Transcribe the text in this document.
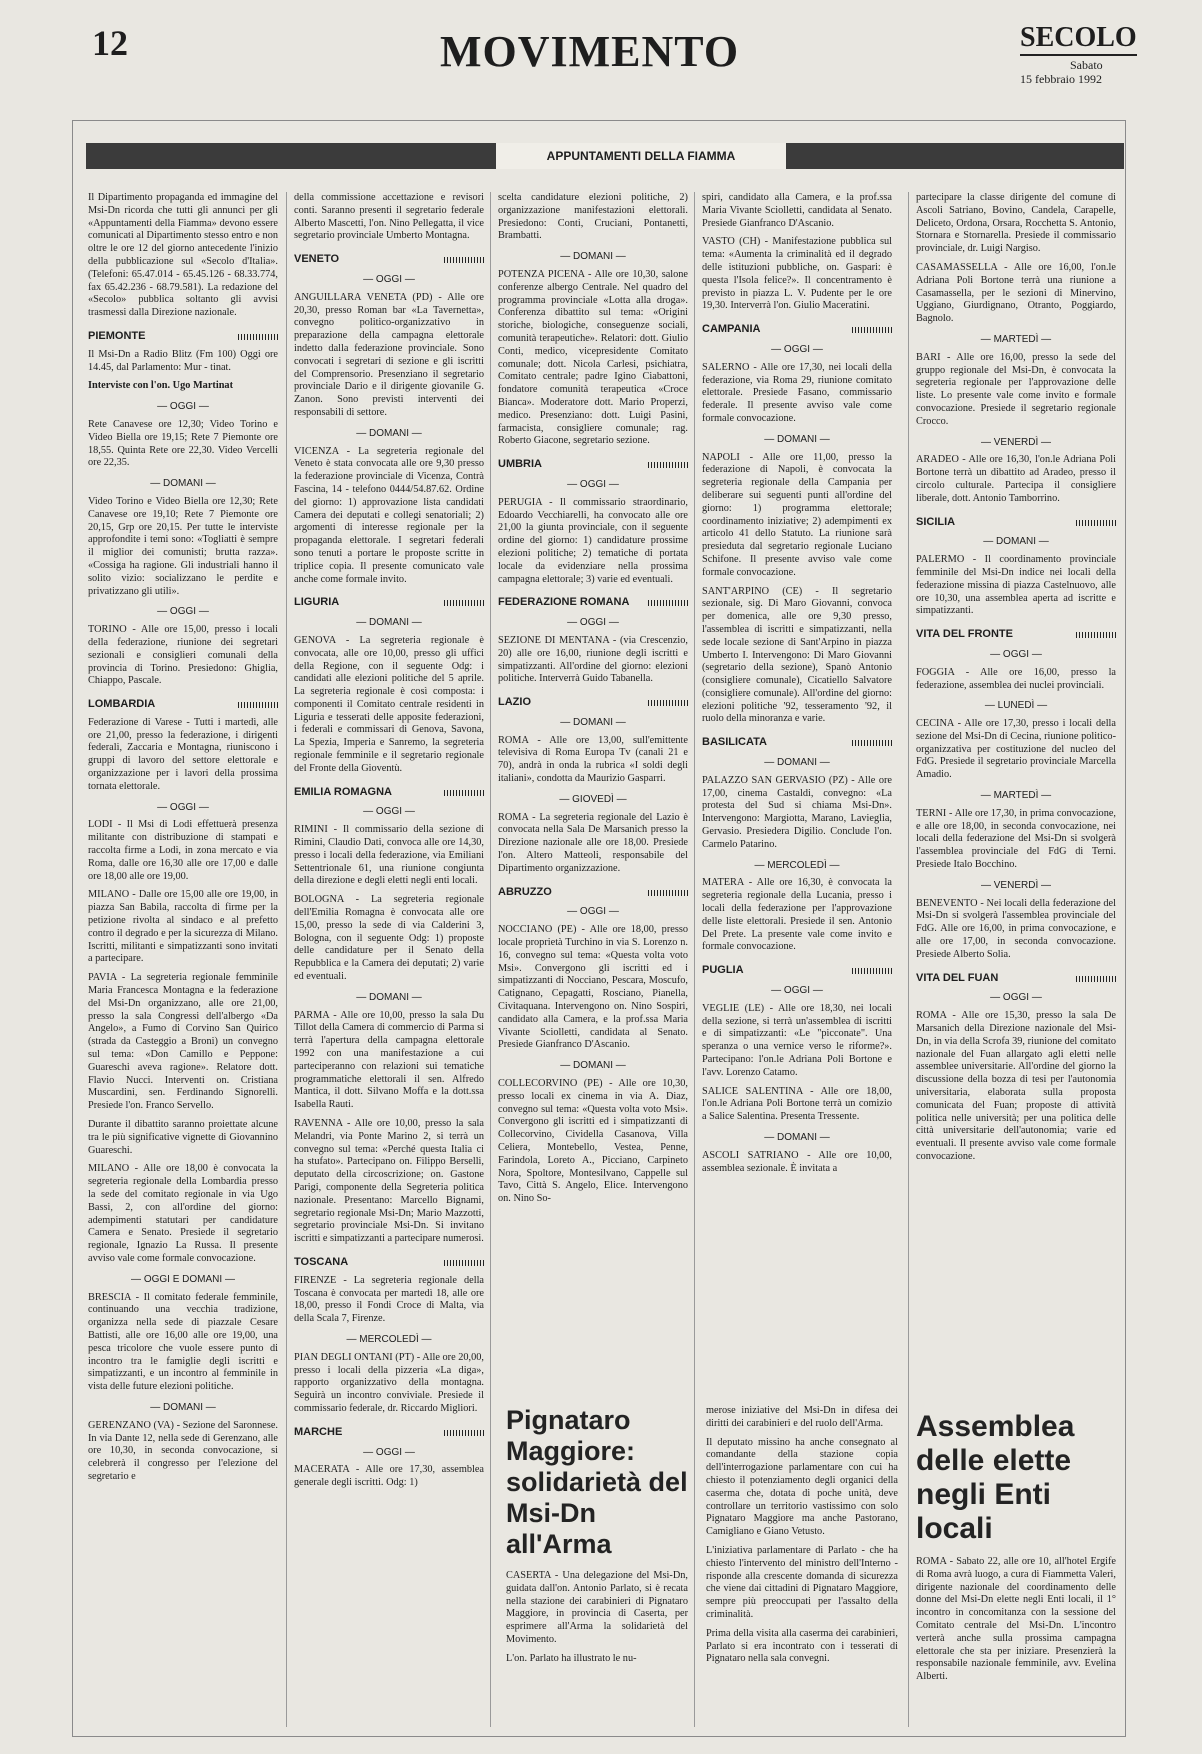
12	MOVIMENTO	SECOLO
Sabato
15 febbraio 1992
APPUNTAMENTI DELLA FIAMMA

Il Dipartimento propaganda ed immagine del Msi-Dn ricorda che tutti gli annunci per gli «Appuntamenti della Fiamma» devono essere comunicati al Dipartimento stesso entro e non oltre le ore 12 del giorno antecedente l'inizio della pubblicazione sul «Secolo d'Italia». (Telefoni: 65.47.014 - 65.45.126 - 68.33.774, fax 65.42.236 - 68.79.581). La redazione del «Secolo» pubblica soltanto gli avvisi trasmessi dalla Direzione nazionale.

PIEMONTE

Il Msi-Dn a Radio Blitz (Fm 100) Oggi ore 14.45, dal Parlamento: Mur - tinat.

Interviste con l'on. Ugo Martinat

— OGGI —

Rete Canavese ore 12,30; Video Torino e Video Biella ore 19,15; Rete 7 Piemonte ore 18,55. Quinta Rete ore 22,30. Video Vercelli ore 22,35.

— DOMANI —

Video Torino e Video Biella ore 12,30; Rete Canavese ore 19,10; Rete 7 Piemonte ore 20,15, Grp ore 20,15. Per tutte le interviste approfondite i temi sono: «Togliatti è sempre il miglior dei comunisti; brutta razza». «Cossiga ha ragione. Gli industriali hanno il solito vizio: socializzano le perdite e privatizzano gli utili».

— OGGI —

TORINO - Alle ore 15,00, presso i locali della federazione, riunione dei segretari sezionali e consiglieri comunali della provincia di Torino. Presiedono: Ghiglia, Chiappo, Pascale.

LOMBARDIA

Federazione di Varese - Tutti i martedì, alle ore 21,00, presso la federazione, i dirigenti federali, Zaccaria e Montagna, riuniscono i gruppi di lavoro del settore elettorale e organizzazione per i lavori della prossima tornata elettorale.

— OGGI —

LODI - Il Msi di Lodi effettuerà presenza militante con distribuzione di stampati e raccolta firme a Lodi, in zona mercato e via Roma, dalle ore 16,30 alle ore 17,00 e dalle ore 18,00 alle ore 19,00.

MILANO - Dalle ore 15,00 alle ore 19,00, in piazza San Babila, raccolta di firme per la petizione rivolta al sindaco e al prefetto contro il degrado e per la sicurezza di Milano. Iscritti, militanti e simpatizzanti sono invitati a partecipare.

PAVIA - La segreteria regionale femminile Maria Francesca Montagna e la federazione del Msi-Dn organizzano, alle ore 21,00, presso la sala Congressi dell'albergo «Da Angelo», a Fumo di Corvino San Quirico (strada da Casteggio a Broni) un convegno sul tema: «Don Camillo e Peppone: Guareschi aveva ragione». Relatore dott. Flavio Nucci. Interventi on. Cristiana Muscardini, sen. Ferdinando Signorelli. Presiede l'on. Franco Servello.

Durante il dibattito saranno proiettate alcune tra le più significative vignette di Giovannino Guareschi.

MILANO - Alle ore 18,00 è convocata la segreteria regionale della Lombardia presso la sede del comitato regionale in via Ugo Bassi, 2, con all'ordine del giorno: adempimenti statutari per candidature Camera e Senato. Presiede il segretario regionale, Ignazio La Russa. Il presente avviso vale come formale convocazione.

— OGGI E DOMANI —

BRESCIA - Il comitato federale femminile, continuando una vecchia tradizione, organizza nella sede di piazzale Cesare Battisti, alle ore 16,00 alle ore 19,00, una pesca tricolore che vuole essere punto di incontro tra le famiglie degli iscritti e simpatizzanti, e un incontro al femminile in vista delle future elezioni politiche.

— DOMANI —

GERENZANO (VA) - Sezione del Saronnese. In via Dante 12, nella sede di Gerenzano, alle ore 10,30, in seconda convocazione, si celebrerà il congresso per l'elezione del segretario e

della commissione accettazione e revisori conti. Saranno presenti il segretario federale Alberto Mascetti, l'on. Nino Pellegatta, il vice segretario provinciale Umberto Montagna.

VENETO
— OGGI —

ANGUILLARA VENETA (PD) - Alle ore 20,30, presso Roman bar «La Tavernetta», convegno politico-organizzativo in preparazione della campagna elettorale indetto dalla federazione provinciale. Sono convocati i segretari di sezione e gli iscritti del Comprensorio. Presenziano il segretario provinciale Dario e il dirigente giovanile G. Zanon. Sono previsti interventi dei responsabili di settore.

— DOMANI —

VICENZA - La segreteria regionale del Veneto è stata convocata alle ore 9,30 presso la federazione provinciale di Vicenza, Contrà Fascina, 14 - telefono 0444/54.87.62. Ordine del giorno: 1) approvazione lista candidati Camera dei deputati e collegi senatoriali; 2) argomenti di interesse regionale per la propaganda elettorale. I segretari federali sono tenuti a portare le proposte scritte in triplice copia. Il presente comunicato vale anche come formale invito.

LIGURIA
— DOMANI —

GENOVA - La segreteria regionale è convocata, alle ore 10,00, presso gli uffici della Regione, con il seguente Odg: i candidati alle elezioni politiche del 5 aprile. La segreteria regionale è così composta: i componenti il Comitato centrale residenti in Liguria e tesserati delle apposite federazioni, i federali e commissari di Genova, Savona, La Spezia, Imperia e Sanremo, la segreteria regionale femminile e il segretario regionale del Fronte della Gioventù.

EMILIA ROMAGNA
— OGGI —

RIMINI - Il commissario della sezione di Rimini, Claudio Dati, convoca alle ore 14,30, presso i locali della federazione, via Emiliani Settentrionale 61, una riunione congiunta della direzione e degli eletti negli enti locali.

BOLOGNA - La segreteria regionale dell'Emilia Romagna è convocata alle ore 15,00, presso la sede di via Calderini 3, Bologna, con il seguente Odg: 1) proposte delle candidature per il Senato della Repubblica e la Camera dei deputati; 2) varie ed eventuali.

— DOMANI —

PARMA - Alle ore 10,00, presso la sala Du Tillot della Camera di commercio di Parma si terrà l'apertura della campagna elettorale 1992 con una manifestazione a cui parteciperanno con relazioni sui tematiche programmatiche elettorali il sen. Alfredo Mantica, il dott. Silvano Moffa e la dott.ssa Isabella Rauti.

RAVENNA - Alle ore 10,00, presso la sala Melandri, via Ponte Marino 2, si terrà un convegno sul tema: «Perché questa Italia ci ha stufato». Partecipano on. Filippo Berselli, deputato della circoscrizione; on. Gastone Parigi, componente della Segreteria politica nazionale. Presentano: Marcello Bignami, segretario regionale Msi-Dn; Mario Mazzotti, segretario provinciale Msi-Dn. Si invitano iscritti e simpatizzanti a partecipare numerosi.

TOSCANA

FIRENZE - La segreteria regionale della Toscana è convocata per martedì 18, alle ore 18,00, presso il Fondi Croce di Malta, via della Scala 7, Firenze.

— MERCOLEDÌ —

PIAN DEGLI ONTANI (PT) - Alle ore 20,00, presso i locali della pizzeria «La diga», rapporto organizzativo della montagna. Seguirà un incontro conviviale. Presiede il commissario federale, dr. Riccardo Migliori.

MARCHE
— OGGI —

MACERATA - Alle ore 17,30, assemblea generale degli iscritti. Odg: 1)

scelta candidature elezioni politiche, 2) organizzazione manifestazioni elettorali. Presiedono: Conti, Cruciani, Pontanetti, Brambatti.

— DOMANI —

POTENZA PICENA - Alle ore 10,30, salone conferenze albergo Centrale. Nel quadro del programma provinciale «Lotta alla droga». Conferenza dibattito sul tema: «Origini storiche, biologiche, conseguenze sociali, comunità terapeutiche». Relatori: dott. Giulio Conti, medico, vicepresidente Comitato comunale; dott. Nicola Carlesi, psichiatra, Comitato centrale; padre Igino Ciabattoni, fondatore comunità terapeutica «Croce Bianca». Moderatore dott. Mario Properzi, medico. Presenziano: dott. Luigi Pasini, farmacista, consigliere comunale; rag. Roberto Giacone, segretario sezione.

UMBRIA
— OGGI —

PERUGIA - Il commissario straordinario, Edoardo Vecchiarelli, ha convocato alle ore 21,00 la giunta provinciale, con il seguente ordine del giorno: 1) candidature prossime elezioni politiche; 2) tematiche di portata locale da evidenziare nella prossima campagna elettorale; 3) varie ed eventuali.

FEDERAZIONE ROMANA
— OGGI —

SEZIONE DI MENTANA - (via Crescenzio, 20) alle ore 16,00, riunione degli iscritti e simpatizzanti. All'ordine del giorno: elezioni politiche. Interverrà Guido Tabanella.

LAZIO
— DOMANI —

ROMA - Alle ore 13,00, sull'emittente televisiva di Roma Europa Tv (canali 21 e 70), andrà in onda la rubrica «I soldi degli italiani», condotta da Maurizio Gasparri.

— GIOVEDÌ —

ROMA - La segreteria regionale del Lazio è convocata nella Sala De Marsanich presso la Direzione nazionale alle ore 18,00. Presiede l'on. Altero Matteoli, responsabile del Dipartimento organizzazione.

ABRUZZO
— OGGI —

NOCCIANO (PE) - Alle ore 18,00, presso locale proprietà Turchino in via S. Lorenzo n. 16, convegno sul tema: «Questa volta voto Msi». Convergono gli iscritti ed i simpatizzanti di Nocciano, Pescara, Moscufo, Catignano, Cepagatti, Rosciano, Pianella, Civitaquana. Intervengono on. Nino Sospiri, candidato alla Camera, e la prof.ssa Maria Vivante Sciolletti, candidata al Senato. Presiede Gianfranco D'Ascanio.

— DOMANI —

COLLECORVINO (PE) - Alle ore 10,30, presso locali ex cinema in via A. Diaz, convegno sul tema: «Questa volta voto Msi». Convergono gli iscritti ed i simpatizzanti di Collecorvino, Cividella Casanova, Villa Celiera, Montebello, Vestea, Penne, Farindola, Loreto A., Picciano, Carpineto Nora, Spoltore, Montesilvano, Cappelle sul Tavo, Città S. Angelo, Elice. Intervengono on. Nino So-

spiri, candidato alla Camera, e la prof.ssa Maria Vivante Sciolletti, candidata al Senato. Presiede Gianfranco D'Ascanio.

VASTO (CH) - Manifestazione pubblica sul tema: «Aumenta la criminalità ed il degrado delle istituzioni pubbliche, on. Gaspari: è questa l'Isola felice?». Il concentramento è previsto in piazza L. V. Pudente per le ore 19,30. Interverrà l'on. Giulio Maceratini.

CAMPANIA
— OGGI —

SALERNO - Alle ore 17,30, nei locali della federazione, via Roma 29, riunione comitato elettorale. Presiede Fasano, commissario federale. Il presente avviso vale come formale convocazione.

— DOMANI —

NAPOLI - Alle ore 11,00, presso la federazione di Napoli, è convocata la segreteria regionale della Campania per deliberare sui seguenti punti all'ordine del giorno: 1) programma elettorale; coordinamento iniziative; 2) adempimenti ex articolo 41 dello Statuto. La riunione sarà presieduta dal segretario regionale Luciano Schifone. Il presente avviso vale come formale convocazione.

SANT'ARPINO (CE) - Il segretario sezionale, sig. Di Maro Giovanni, convoca per domenica, alle ore 9,30 presso, l'assemblea di iscritti e simpatizzanti, nella sede locale sezione di Sant'Arpino in piazza Umberto I. Intervengono: Di Maro Giovanni (segretario della sezione), Spanò Antonio (consigliere comunale), Cicatiello Salvatore (consigliere comunale). All'ordine del giorno: elezioni politiche '92, tesseramento '92, il ruolo della minoranza e varie.

BASILICATA
— DOMANI —

PALAZZO SAN GERVASIO (PZ) - Alle ore 17,00, cinema Castaldi, convegno: «La protesta del Sud si chiama Msi-Dn». Intervengono: Margiotta, Marano, Lavieglia, Gervasio. Presiedera Digilio. Conclude l'on. Carmelo Patarino.

— MERCOLEDÌ —

MATERA - Alle ore 16,30, è convocata la segreteria regionale della Lucania, presso i locali della federazione per l'approvazione delle liste elettorali. Presiede il sen. Antonio Del Prete. La presente vale come invito e formale convocazione.

PUGLIA
— OGGI —

VEGLIE (LE) - Alle ore 18,30, nei locali della sezione, si terrà un'assemblea di iscritti e di simpatizzanti: «Le "picconate". Una speranza o una vernice verso le riforme?». Partecipano: l'on.le Adriana Poli Bortone e l'avv. Lorenzo Catamo.

SALICE SALENTINA - Alle ore 18,00, l'on.le Adriana Poli Bortone terrà un comizio a Salice Salentina. Presenta Tressente.

— DOMANI —

ASCOLI SATRIANO - Alle ore 10,00, assemblea sezionale. È invitata a

partecipare la classe dirigente del comune di Ascoli Satriano, Bovino, Candela, Carapelle, Deliceto, Ordona, Orsara, Rocchetta S. Antonio, Stornara e Stornarella. Presiede il commissario provinciale, dr. Luigi Nargiso.

CASAMASSELLA - Alle ore 16,00, l'on.le Adriana Poli Bortone terrà una riunione a Casamassella, per le sezioni di Minervino, Uggiano, Giurdignano, Otranto, Poggiardo, Bagnolo.

— MARTEDÌ —

BARI - Alle ore 16,00, presso la sede del gruppo regionale del Msi-Dn, è convocata la segreteria regionale per l'approvazione delle liste. Lo presente vale come invito e formale convocazione. Presiede il segretario regionale Crocco.

— VENERDÌ —

ARADEO - Alle ore 16,30, l'on.le Adriana Poli Bortone terrà un dibattito ad Aradeo, presso il circolo culturale. Partecipa il consigliere liberale, dott. Antonio Tamborrino.

SICILIA
— DOMANI —

PALERMO - Il coordinamento provinciale femminile del Msi-Dn indice nei locali della federazione missina di piazza Castelnuovo, alle ore 10,30, una assemblea aperta ad iscritte e simpatizzanti.

VITA DEL FRONTE
— OGGI —

FOGGIA - Alle ore 16,00, presso la federazione, assemblea dei nuclei provinciali.

— LUNEDÌ —

CECINA - Alle ore 17,30, presso i locali della sezione del Msi-Dn di Cecina, riunione politico-organizzativa per costituzione del nucleo del FdG. Presiede il segretario provinciale Marcella Amadio.

— MARTEDÌ —

TERNI - Alle ore 17,30, in prima convocazione, e alle ore 18,00, in seconda convocazione, nei locali della federazione del Msi-Dn si svolgerà l'assemblea provinciale del FdG di Terni. Presiede Italo Bocchino.

— VENERDÌ —

BENEVENTO - Nei locali della federazione del Msi-Dn si svolgerà l'assemblea provinciale del FdG. Alle ore 16,00, in prima convocazione, e alle ore 17,00, in seconda convocazione. Presiede Alberto Solia.

VITA DEL FUAN
— OGGI —

ROMA - Alle ore 15,30, presso la sala De Marsanich della Direzione nazionale del Msi-Dn, in via della Scrofa 39, riunione del comitato nazionale del Fuan allargato agli eletti nelle assemblee universitarie. All'ordine del giorno la discussione della bozza di tesi per l'autonomia universitaria, elaborata sulla proposta comunicata del Fuan; proposte di attività politica nelle università; per una politica delle città universitarie dell'autonomia; varie ed eventuali. Il presente avviso vale come formale convocazione.

Pignataro Maggiore: solidarietà del Msi-Dn all'Arma

CASERTA - Una delegazione del Msi-Dn, guidata dall'on. Antonio Parlato, si è recata nella stazione dei carabinieri di Pignataro Maggiore, in provincia di Caserta, per esprimere all'Arma la solidarietà del Movimento.

L'on. Parlato ha illustrato le nu-

merose iniziative del Msi-Dn in difesa dei diritti dei carabinieri e del ruolo dell'Arma.

Il deputato missino ha anche consegnato al comandante della stazione copia dell'interrogazione parlamentare con cui ha chiesto il potenziamento degli organici della caserma che, dotata di poche unità, deve controllare un territorio vastissimo con solo Pignataro Maggiore ma anche Pastorano, Camigliano e Giano Vetusto.

L'iniziativa parlamentare di Parlato - che ha chiesto l'intervento del ministro dell'Interno - risponde alla crescente domanda di sicurezza che viene dai cittadini di Pignataro Maggiore, sempre più preoccupati per l'assalto della criminalità.

Prima della visita alla caserma dei carabinieri, Parlato si era incontrato con i tesserati di Pignataro nella sala convegni.

Assemblea delle elette negli Enti locali

ROMA - Sabato 22, alle ore 10, all'hotel Ergife di Roma avrà luogo, a cura di Fiammetta Valeri, dirigente nazionale del coordinamento delle donne del Msi-Dn elette negli Enti locali, il 1° incontro in concomitanza con la sessione del Comitato centrale del Msi-Dn. L'incontro verterà anche sulla prossima campagna elettorale che sta per iniziare. Presenzierà la responsabile nazionale femminile, avv. Evelina Alberti.
